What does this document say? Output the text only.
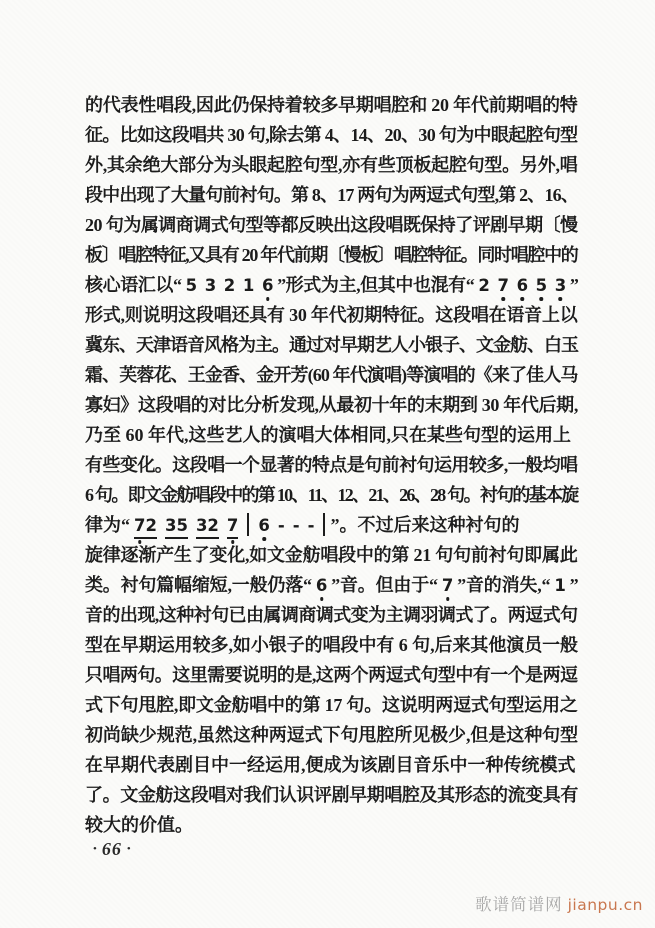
的代表性唱段,因此仍保持着较多早期唱腔和 20 年代前期唱的特
征。比如这段唱共 30 句,除去第 4、14、20、30 句为中眼起腔句型
外,其余绝大部分为头眼起腔句型,亦有些顶板起腔句型。另外,唱
段中出现了大量句前衬句。第 8、17 两句为两逗式句型,第 2、16、
20 句为属调商调式句型等都反映出这段唱既保持了评剧早期〔慢
板〕唱腔特征,又具有 20 年代前期〔慢板〕唱腔特征。同时唱腔中的
核心语汇以“ 5 3 2 1 6 ”形式为主,但其中也混有“ 2 7 6 5 3 ”
形式,则说明这段唱还具有 30 年代初期特征。这段唱在语音上以
冀东、天津语音风格为主。通过对早期艺人小银子、文金舫、白玉
霜、芙蓉花、王金香、金开芳(60 年代演唱)等演唱的《来了佳人马
寡妇》这段唱的对比分析发现,从最初十年的末期到 30 年代后期,
乃至 60 年代,这些艺人的演唱大体相同,只在某些句型的运用上
有些变化。这段唱一个显著的特点是句前衬句运用较多,一般均唱
6 句。即文金舫唱段中的第 10、11、12、21、26、28 句。衬句的基本旋
律为“ 72 35 32 7 6 - - - ”。不过后来这种衬句的
旋律逐渐产生了变化,如文金舫唱段中的第 21 句句前衬句即属此
类。衬句篇幅缩短,一般仍落“ 6 ”音。但由于“ 7 ”音的消失,“ 1 ”
音的出现,这种衬句已由属调商调式变为主调羽调式了。两逗式句
型在早期运用较多,如小银子的唱段中有 6 句,后来其他演员一般
只唱两句。这里需要说明的是,这两个两逗式句型中有一个是两逗
式下句甩腔,即文金舫唱中的第 17 句。这说明两逗式句型运用之
初尚缺少规范,虽然这种两逗式下句甩腔所见极少,但是这种句型
在早期代表剧目中一经运用,便成为该剧目音乐中一种传统模式
了。文金舫这段唱对我们认识评剧早期唱腔及其形态的流变具有
较大的价值。
• 66 •
歌谱简谱网 jianpu.cn
